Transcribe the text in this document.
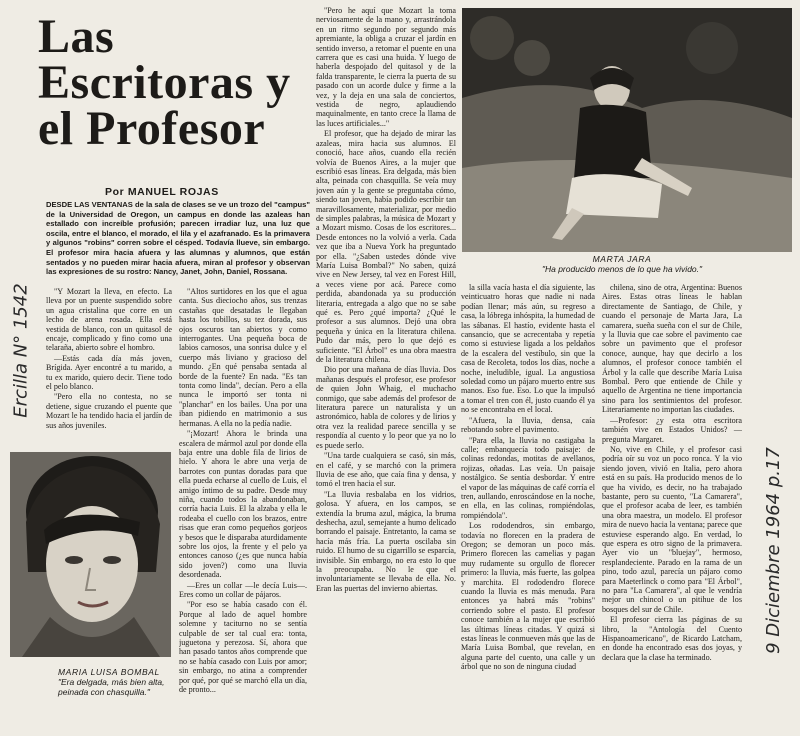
Las
Escritoras y
el Profesor
Por MANUEL ROJAS

DESDE LAS VENTANAS de la sala de clases se ve un trozo del "campus" de la Universidad de Oregon, un campus en donde las azaleas han estallado con increíble profusión; parecen irradiar luz, una luz que oscila, entre el blanco, el morado, el lila y el azafranado. Es la primavera y algunos "robins" corren sobre el césped. Todavía llueve, sin embargo. El profesor mira hacia afuera y las alumnas y alumnos, que están sentados y no pueden mirar hacia afuera, miran al profesor y observan las expresiones de su rostro: Nancy, Janet, John, Daniel, Rossana.

"Y Mozart la lleva, en efecto. La lleva por un puente suspendido sobre un agua cristalina que corre en un lecho de arena rosada. Ella está vestida de blanco, con un quitasol de encaje, complicado y fino como una telaraña, abierto sobre el hombro.

—Estás cada día más joven, Brígida. Ayer encontré a tu marido, a tu ex marido, quiero decir. Tiene todo el pelo blanco.

"Pero ella no contesta, no se detiene, sigue cruzando el puente que Mozart le ha tendido hacia el jardín de sus años juveniles.

"Altos surtidores en los que el agua canta. Sus dieciocho años, sus trenzas castañas que desatadas le llegaban hasta los tobillos, su tez dorada, sus ojos oscuros tan abiertos y como interrogantes. Una pequeña boca de labios carnosos, una sonrisa dulce y el cuerpo más liviano y gracioso del mundo. ¿En qué pensaba sentada al borde de la fuente? En nada. "Es tan tonta como linda", decían. Pero a ella nunca le importó ser tonta ni "planchar" en los bailes. Una por una iban pidiendo en matrimonio a sus hermanas. A ella no la pedía nadie.

"¡Mozart! Ahora le brinda una escalera de mármol azul por donde ella baja entre una doble fila de lirios de hielo. Y ahora le abre una verja de barrotes con puntas doradas para que ella pueda echarse al cuello de Luis, el amigo íntimo de su padre. Desde muy niña, cuando todos la abandonaban, corría hacia Luis. El la alzaba y ella le rodeaba el cuello con los brazos, entre risas que eran como pequeños gorjeos y besos que le disparaba aturdidamente sobre los ojos, la frente y el pelo ya entonces canoso (¿es que nunca había sido joven?) como una lluvia desordenada.

—Eres un collar —le decía Luis—. Eres como un collar de pájaros.

"Por eso se había casado con él. Porque al lado de aquel hombre solemne y taciturno no se sentía culpable de ser tal cual era: tonta, juguetona y perezosa. Sí, ahora que han pasado tantos años comprende que no se había casado con Luis por amor; sin embargo, no atina a comprender por qué, por qué se marchó ella un día, de pronto...

"Pero he aquí que Mozart la toma nerviosamente de la mano y, arrastrándola en un ritmo segundo por segundo más apremiante, la obliga a cruzar el jardín en sentido inverso, a retomar el puente en una carrera que es casi una huida. Y luego de haberla despojado del quitasol y de la falda transparente, le cierra la puerta de su pasado con un acorde dulce y firme a la vez, y la deja en una sala de conciertos, vestida de negro, aplaudiendo maquinalmente, en tanto crece la llama de las luces artificiales..."

El profesor, que ha dejado de mirar las azaleas, mira hacia sus alumnos. El conoció, hace años, cuando ella recién volvía de Buenos Aires, a la mujer que escribió esas líneas. Era delgada, más bien alta, peinada con chasquilla. Se veía muy joven aún y la gente se preguntaba cómo, siendo tan joven, había podido escribir tan maravillosamente, materializar, por medio de simples palabras, la música de Mozart y a Mozart mismo. Cosas de los escritores... Desde entonces no la volvió a verla. Cada vez que iba a Nueva York ha preguntado por ella. "¿Saben ustedes dónde vive María Luisa Bombal?" No saben, quizá vive en New Jersey, tal vez en Forest Hill, a veces viene por acá. Parece como perdida, abandonada ya su producción literaria, entregada a algo que no se sabe qué es. Pero ¿qué importa? ¿Qué le profesor a sus alumnos. Dejó una obra pequeña y única en la literatura chilena. Pudo dar más, pero lo que dejó es suficiente. "El Árbol" es una obra maestra de la literatura chilena.

Dio por una mañana de días lluvia. Dos mañanas después el profesor, ese profesor de quien John Whaig, el muchacho conmigo, que sabe además del profesor de literatura parece un naturalista y un astronómico, habla de colores y de lirios y otra vez la realidad parece sencilla y se respondía al cuento y lo peor que ya no lo es puede serlo.

"Una tarde cualquiera se casó, sin más, en el café, y se marchó con la primera lluvia de ese año, que caía fina y densa, y tomó el tren hacia el sur.

"La lluvia resbalaba en los vidrios, golosa. Y afuera, en los campos, se extendía la bruma azul, mágica, la bruma deshecha, azul, semejante a humo delicado borrando el paisaje. Entretanto, la cama se hacía más fría. La puerta oscilaba sin ruido. El humo de su cigarrillo se esparcía, invisible. Sin embargo, no era esto lo que la preocupaba. No le que el involuntariamente se llevaba de ella. No. Eran las puertas del invierno abiertas.

la silla vacía hasta el día siguiente, las veinticuatro horas que nadie ni nada podían llenar; más aún, su regreso a casa, la lóbrega inhóspita, la humedad de las sábanas. El hastío, evidente hasta el cansancio, que se acrecentaba y repetía como si estuviese ligada a los peldaños de la escalera del vestíbulo, sin que la casa de Recoleta, todos los días, noche a noche, ineludible, igual. La angustiosa soledad como un pájaro muerto entre sus manos. Eso fue. Eso. Lo que la impulsó a tomar el tren con él, justo cuando él ya no se encontraba en el local.

"Afuera, la lluvia, densa, caía rebotando sobre el pavimento.

"Para ella, la lluvia no castigaba la calle; embanquecía todo paisaje: de colinas redondas, motitas de avellanos, rojizas, oñadas. Las veía. Un paisaje nostálgico. Se sentía desbordar. Y entre el vapor de las máquinas de café corría el tren, aullando, enroscándose en la noche, en ella, en las colinas, rompiéndolas, rompiéndola".

Los rododendros, sin embargo, todavía no florecen en la pradera de Oregon; se demoran un poco más. Primero florecen las camelias y pagan muy rudamente su orgullo de florecer primero: la lluvia, más fuerte, las golpea y marchita. El rododendro florece cuando la lluvia es más menuda. Para entonces ya habrá más "robins" corriendo sobre el pasto. El profesor conoce también a la mujer que escribió las últimas líneas citadas. Y quizá si estas líneas le conmueven más que las de María Luisa Bombal, que revelan, en alguna parte del cuento, una calle y un árbol que no son de ninguna ciudad

chilena, sino de otra, Argentina: Buenos Aires. Estas otras líneas le hablan directamente de Santiago, de Chile, y cuando el personaje de Marta Jara, La camarera, sueña sueña con el sur de Chile, y la lluvia que cae sobre el pavimento cae sobre un pavimento que el profesor conoce, aunque, hay que decirlo a los alumnos, el profesor conoce también el Árbol y la calle que describe María Luisa Bombal. Pero que entiende de Chile y aquello de Argentina ne tiene importancia sino para los sentimientos del profesor. Literariamente no importan las ciudades.

—Profesor: ¿y esta otra escritora también vive en Estados Unidos? —pregunta Margaret.

No, vive en Chile, y el profesor casi podría oír su voz un poco ronca. Y la vio siendo joven, vivió en Italia, pero ahora está en su país. Ha producido menos de lo que ha vivido, es decir, no ha trabajado bastante, pero su cuento, "La Camarera", que el profesor acaba de leer, es también una obra maestra, un modelo. El profesor mira de nuevo hacia la ventana; parece que estuviese esperando algo. En verdad, lo que espera es otro signo de la primavera. Ayer vio un "bluejay", hermoso, resplandeciente. Parado en la rama de un pino, todo azul, parecía un pájaro como para Maeterlinck o como para "El Árbol", no para "La Camarera", al que le vendría mejor un chincol o un pitihue de los bosques del sur de Chile.

El profesor cierra las páginas de su libro, la "Antología del Cuento Hispanoamericano", de Ricardo Latcham, en donde ha encontrado esas dos joyas, y declara que la clase ha terminado.

MARIA LUISA BOMBAL
"Era delgada, más bien alta, peinada con chasquilla."

MARTA JARA
"Ha producido menos de lo que ha vivido."

Ercilla N° 1542
9 Diciembre 1964 p.17
